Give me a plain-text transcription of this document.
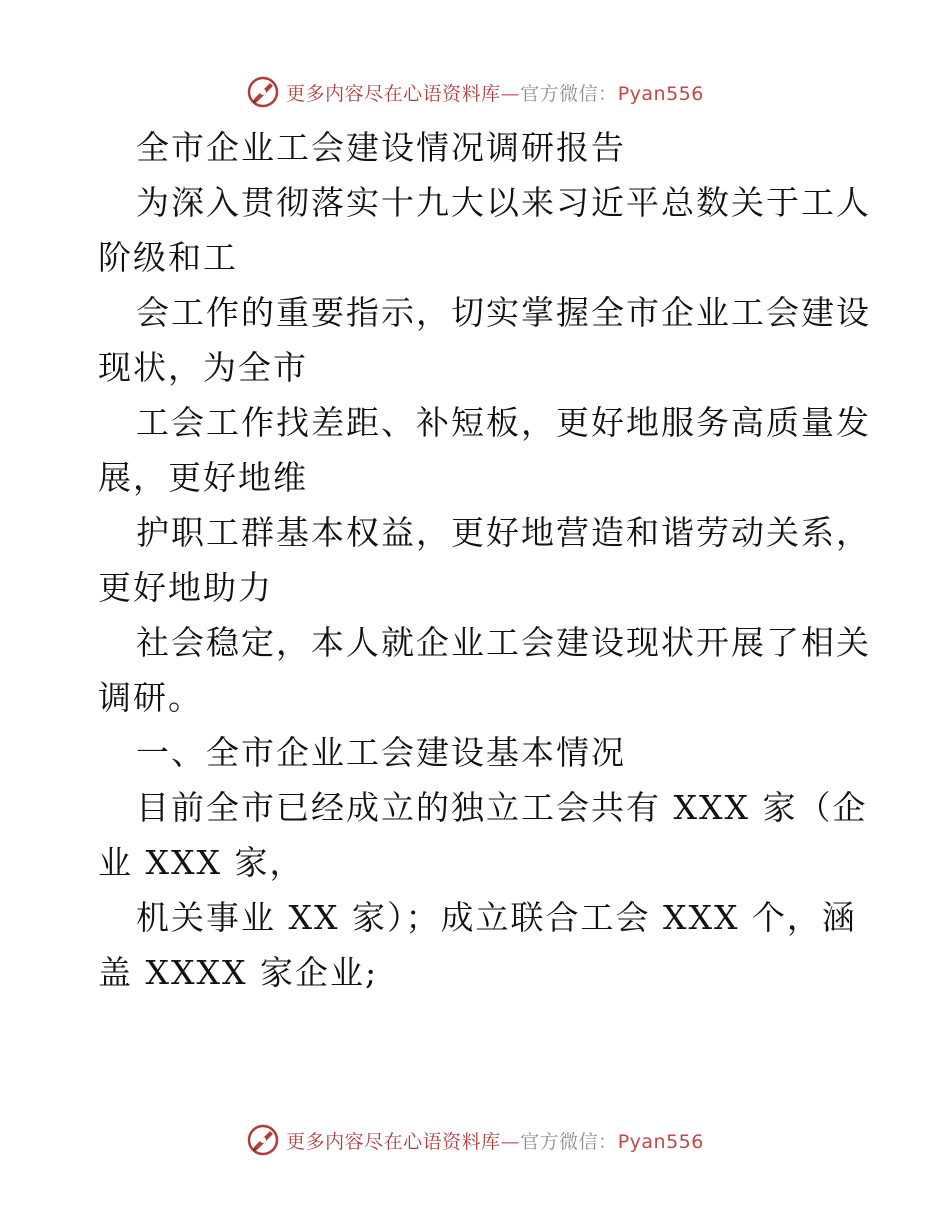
更多内容尽在心语资料库—官方微信：Pyan556
全市企业工会建设情况调研报告
为深入贯彻落实十九大以来习近平总数关于工人
阶级和工
会工作的重要指示，切实掌握全市企业工会建设
现状，为全市
工会工作找差距、补短板，更好地服务高质量发
展，更好地维
护职工群基本权益，更好地营造和谐劳动关系，
更好地助力
社会稳定，本人就企业工会建设现状开展了相关
调研。
一、全市企业工会建设基本情况
目前全市已经成立的独立工会共有 XXX 家（企
业 XXX 家，
机关事业 XX 家）；成立联合工会 XXX 个，涵
盖 XXXX 家企业;
更多内容尽在心语资料库—官方微信：Pyan556
